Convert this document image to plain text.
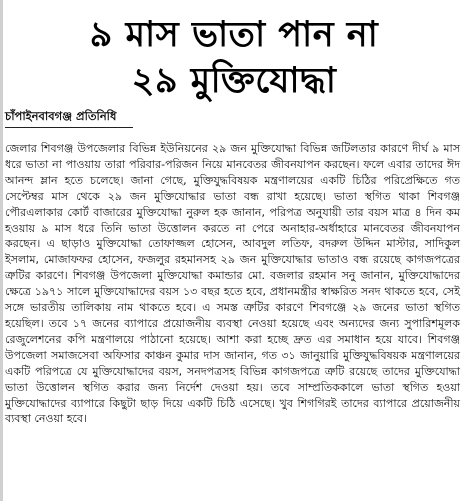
৯ মাস ভাতা পান না
২৯ মুক্তিযোদ্ধা
চাঁপাইনবাবগঞ্জ প্রতিনিধি

জেলার শিবগঞ্জ উপজেলার বিভিন্ন ইউনিয়নের ২৯ জন মুক্তিযোদ্ধা বিভিন্ন জটিলতার কারণে দীর্ঘ ৯ মাস ধরে ভাতা না পাওয়ায় তারা পরিবার-পরিজন নিয়ে মানবেতর জীবনযাপন করছেন। ফলে এবার তাদের ঈদ আনন্দ ম্লান হতে চলেছে। জানা গেছে, মুক্তিযুদ্ধবিষয়ক মন্ত্রণালয়ের একটি চিঠির পরিপ্রেক্ষিতে গত সেপ্টেম্বর মাস থেকে ২৯ জন মুক্তিযোদ্ধার ভাতা বন্ধ রাখা হয়েছে। ভাতা স্থগিত থাকা শিবগঞ্জ পৌরএলাকার কোর্ট বাজারের মুক্তিযোদ্ধা নুরুল হক জানান, পরিপত্র অনুযায়ী তার বয়স মাত্র ৪ দিন কম হওয়ায় ৯ মাস ধরে তিনি ভাতা উত্তোলন করতে না পেরে অনাহার-অর্ধাহারে মানবেতর জীবনযাপন করছেন। এ ছাড়াও মুক্তিযোদ্ধা তোফাজ্জল হোসেন, আবদুল লতিফ, বদরুল উদ্দিন মাস্টার, সাদিকুল ইসলাম, মোজাফফর হোসেন, ফজলুর রহমানসহ ২৯ জন মুক্তিযোদ্ধার ভাতাও বন্ধ রয়েছে কাগজপত্রের ত্রুটির কারণে। শিবগঞ্জ উপজেলা মুক্তিযোদ্ধা কমান্ডার মো. বজলার রহমান সনু জানান, মুক্তিযোদ্ধাদের ক্ষেত্রে ১৯৭১ সালে মুক্তিযোদ্ধাদের বয়স ১৩ বছর হতে হবে, প্রধানমন্ত্রীর স্বাক্ষরিত সনদ থাকতে হবে, সেই সঙ্গে ভারতীয় তালিকায় নাম থাকতে হবে। এ সমস্ত ত্রুটির কারণে শিবগঞ্জে ২৯ জনের ভাতা স্থগিত হয়েছিল। তবে ১৭ জনের ব্যাপারে প্রয়োজনীয় ব্যবস্থা নেওয়া হয়েছে এবং অন্যদের জন্য সুপারিশমূলক রেজুলেশনের কপি মন্ত্রণালয়ে পাঠানো হয়েছে। আশা করা হচ্ছে দ্রুত এর সমাধান হয়ে যাবে। শিবগঞ্জ উপজেলা সমাজসেবা অফিসার কাঞ্চন কুমার দাস জানান, গত ৩১ জানুয়ারি মুক্তিযুদ্ধবিষয়ক মন্ত্রণালয়ের একটি পরিপত্রে যে মুক্তিযোদ্ধাদের বয়স, সনদপত্রসহ বিভিন্ন কাগজপত্রে ত্রুটি রয়েছে তাদের মুক্তিযোদ্ধা ভাতা উত্তোলন স্থগিত করার জন্য নির্দেশ দেওয়া হয়। তবে সাম্প্রতিককালে ভাতা স্থগিত হওয়া মুক্তিযোদ্ধাদের ব্যাপারে কিছুটা ছাড় দিয়ে একটি চিঠি এসেছে। খুব শিগগিরই তাদের ব্যাপারে প্রয়োজনীয় ব্যবস্থা নেওয়া হবে।
